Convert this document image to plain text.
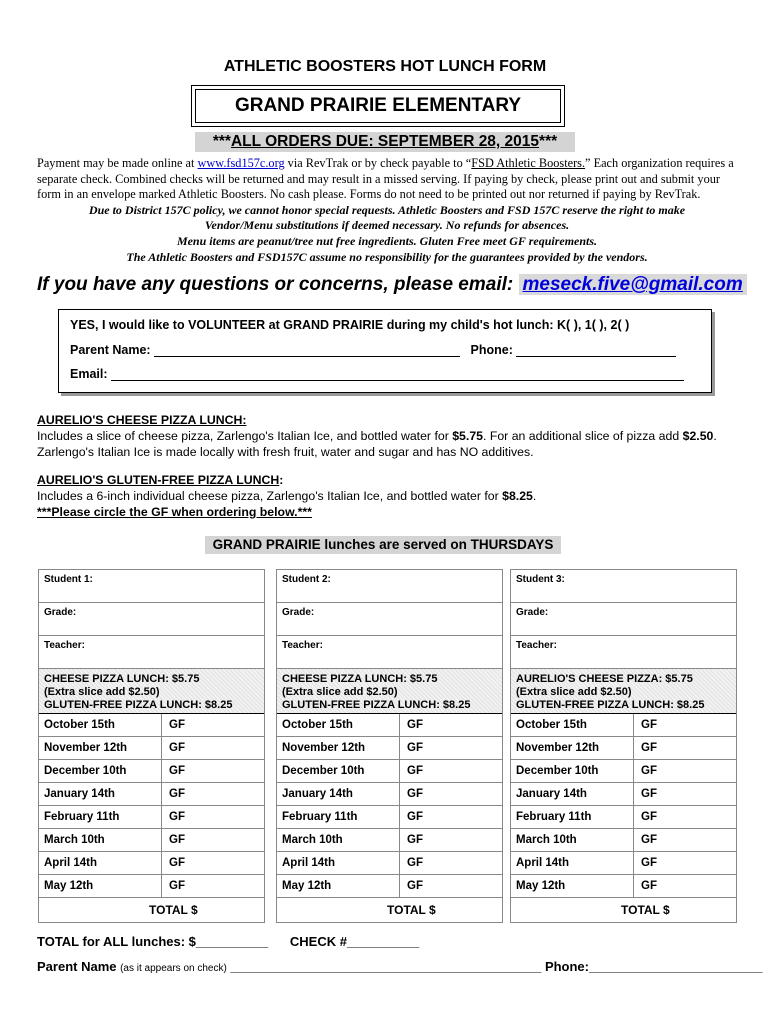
ATHLETIC BOOSTERS HOT LUNCH FORM
GRAND PRAIRIE ELEMENTARY
***ALL ORDERS DUE: SEPTEMBER 28, 2015***
Payment may be made online at www.fsd157c.org via RevTrak or by check payable to “FSD Athletic Boosters.” Each organization requires a separate check. Combined checks will be returned and may result in a missed serving. If paying by check, please print out and submit your form in an envelope marked Athletic Boosters. No cash please. Forms do not need to be printed out nor returned if paying by RevTrak.
Due to District 157C policy, we cannot honor special requests. Athletic Boosters and FSD 157C reserve the right to make
Vendor/Menu substitutions if deemed necessary. No refunds for absences.
Menu items are peanut/tree nut free ingredients. Gluten Free meet GF requirements.
The Athletic Boosters and FSD157C assume no responsibility for the guarantees provided by the vendors.
If you have any questions or concerns, please email: meseck.five@gmail.com
YES, I would like to VOLUNTEER at GRAND PRAIRIE during my child's hot lunch: K( ), 1( ), 2( )
Parent Name:	Phone:
Email:
AURELIO'S CHEESE PIZZA LUNCH:
Includes a slice of cheese pizza, Zarlengo's Italian Ice, and bottled water for $5.75. For an additional slice of pizza add $2.50.
Zarlengo's Italian Ice is made locally with fresh fruit, water and sugar and has NO additives.
AURELIO'S GLUTEN-FREE PIZZA LUNCH:
Includes a 6-inch individual cheese pizza, Zarlengo's Italian Ice, and bottled water for $8.25.
***Please circle the GF when ordering below.***
GRAND PRAIRIE lunches are served on THURSDAYS
Student 1:
Grade:
Teacher:
CHEESE PIZZA LUNCH: $5.75
(Extra slice add $2.50)
GLUTEN-FREE PIZZA LUNCH: $8.25
October 15th	GF
November 12th	GF
December 10th	GF
January 14th	GF
February 11th	GF
March 10th	GF
April 14th	GF
May 12th	GF
TOTAL $
Student 2:
Grade:
Teacher:
CHEESE PIZZA LUNCH: $5.75
(Extra slice add $2.50)
GLUTEN-FREE PIZZA LUNCH: $8.25
October 15th	GF
November 12th	GF
December 10th	GF
January 14th	GF
February 11th	GF
March 10th	GF
April 14th	GF
May 12th	GF
TOTAL $
Student 3:
Grade:
Teacher:
AURELIO'S CHEESE PIZZA: $5.75
(Extra slice add $2.50)
GLUTEN-FREE PIZZA LUNCH: $8.25
October 15th	GF
November 12th	GF
December 10th	GF
January 14th	GF
February 11th	GF
March 10th	GF
April 14th	GF
May 12th	GF
TOTAL $
TOTAL for ALL lunches: $__________ CHECK #__________
Parent Name (as it appears on check) ___________________________________________ Phone:________________________
